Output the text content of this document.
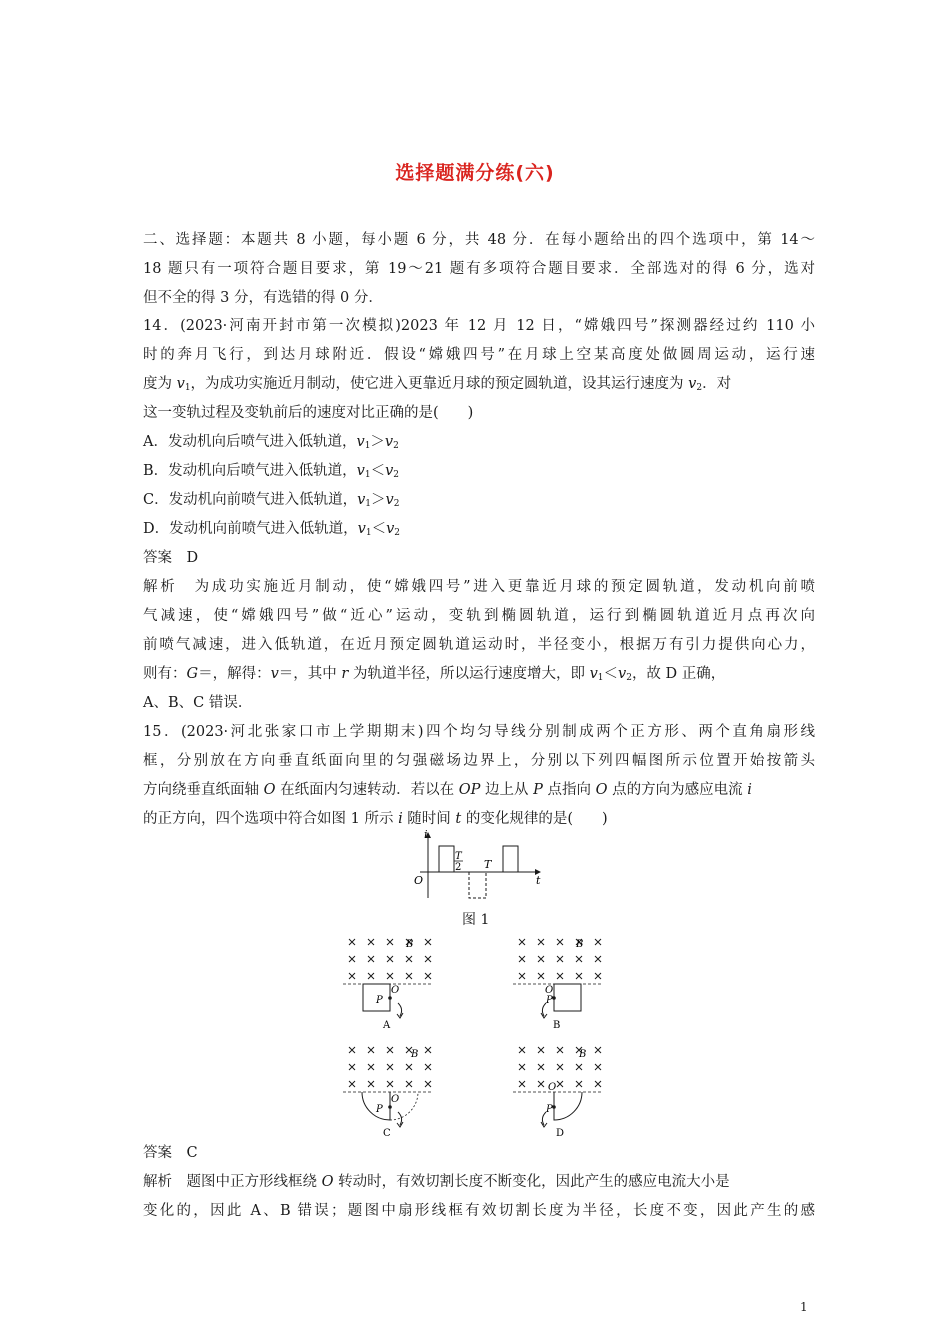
选择题满分练(六)
二、选择题：本题共 8 小题，每小题 6 分，共 48 分．在每小题给出的四个选项中，第 14～
18 题只有一项符合题目要求，第 19～21 题有多项符合题目要求．全部选对的得 6 分，选对
但不全的得 3 分，有选错的得 0 分．
14．(2023·河南开封市第一次模拟)2023 年 12 月 12 日，“嫦娥四号”探测器经过约 110 小
时的奔月飞行，到达月球附近．假设“嫦娥四号”在月球上空某高度处做圆周运动，运行速
度为 $v_1$，为成功实施近月制动，使它进入更靠近月球的预定圆轨道，设其运行速度为 $v_2$．对
这一变轨过程及变轨前后的速度对比正确的是(　　)
A．发动机向后喷气进入低轨道，$v_1>v_2$
B．发动机向后喷气进入低轨道，$v_1<v_2$
C．发动机向前喷气进入低轨道，$v_1>v_2$
D．发动机向前喷气进入低轨道，$v_1<v_2$
答案　D
解析　为成功实施近月制动，使“嫦娥四号”进入更靠近月球的预定圆轨道，发动机向前喷
气减速，使“嫦娥四号”做“近心”运动，变轨到椭圆轨道，运行到椭圆轨道近月点再次向
前喷气减速，进入低轨道，在近月预定圆轨道运动时，半径变小，根据万有引力提供向心力，
则有：G＝，解得：v＝，其中 r 为轨道半径，所以运行速度增大，即 $v_1<v_2$，故 D 正确，
A、B、C 错误．
15．(2023·河北张家口市上学期期末)四个均匀导线分别制成两个正方形、两个直角扇形线
框，分别放在方向垂直纸面向里的匀强磁场边界上，分别以下列四幅图所示位置开始按箭头
方向绕垂直纸面轴 O 在纸面内匀速转动．若以在 OP 边上从 P 点指向 O 点的方向为感应电流 i
的正方向，四个选项中符合如图 1 所示 i 随时间 t 的变化规律的是(　　)
i
t
O
T
2 T
图 1
B
O
P
A
B
O
P
B
B
O
P
C
B
O
P
D
答案　C
解析　题图中正方形线框绕 O 转动时，有效切割长度不断变化，因此产生的感应电流大小是
变化的，因此 A、B 错误；题图中扇形线框有效切割长度为半径，长度不变，因此产生的感
1
